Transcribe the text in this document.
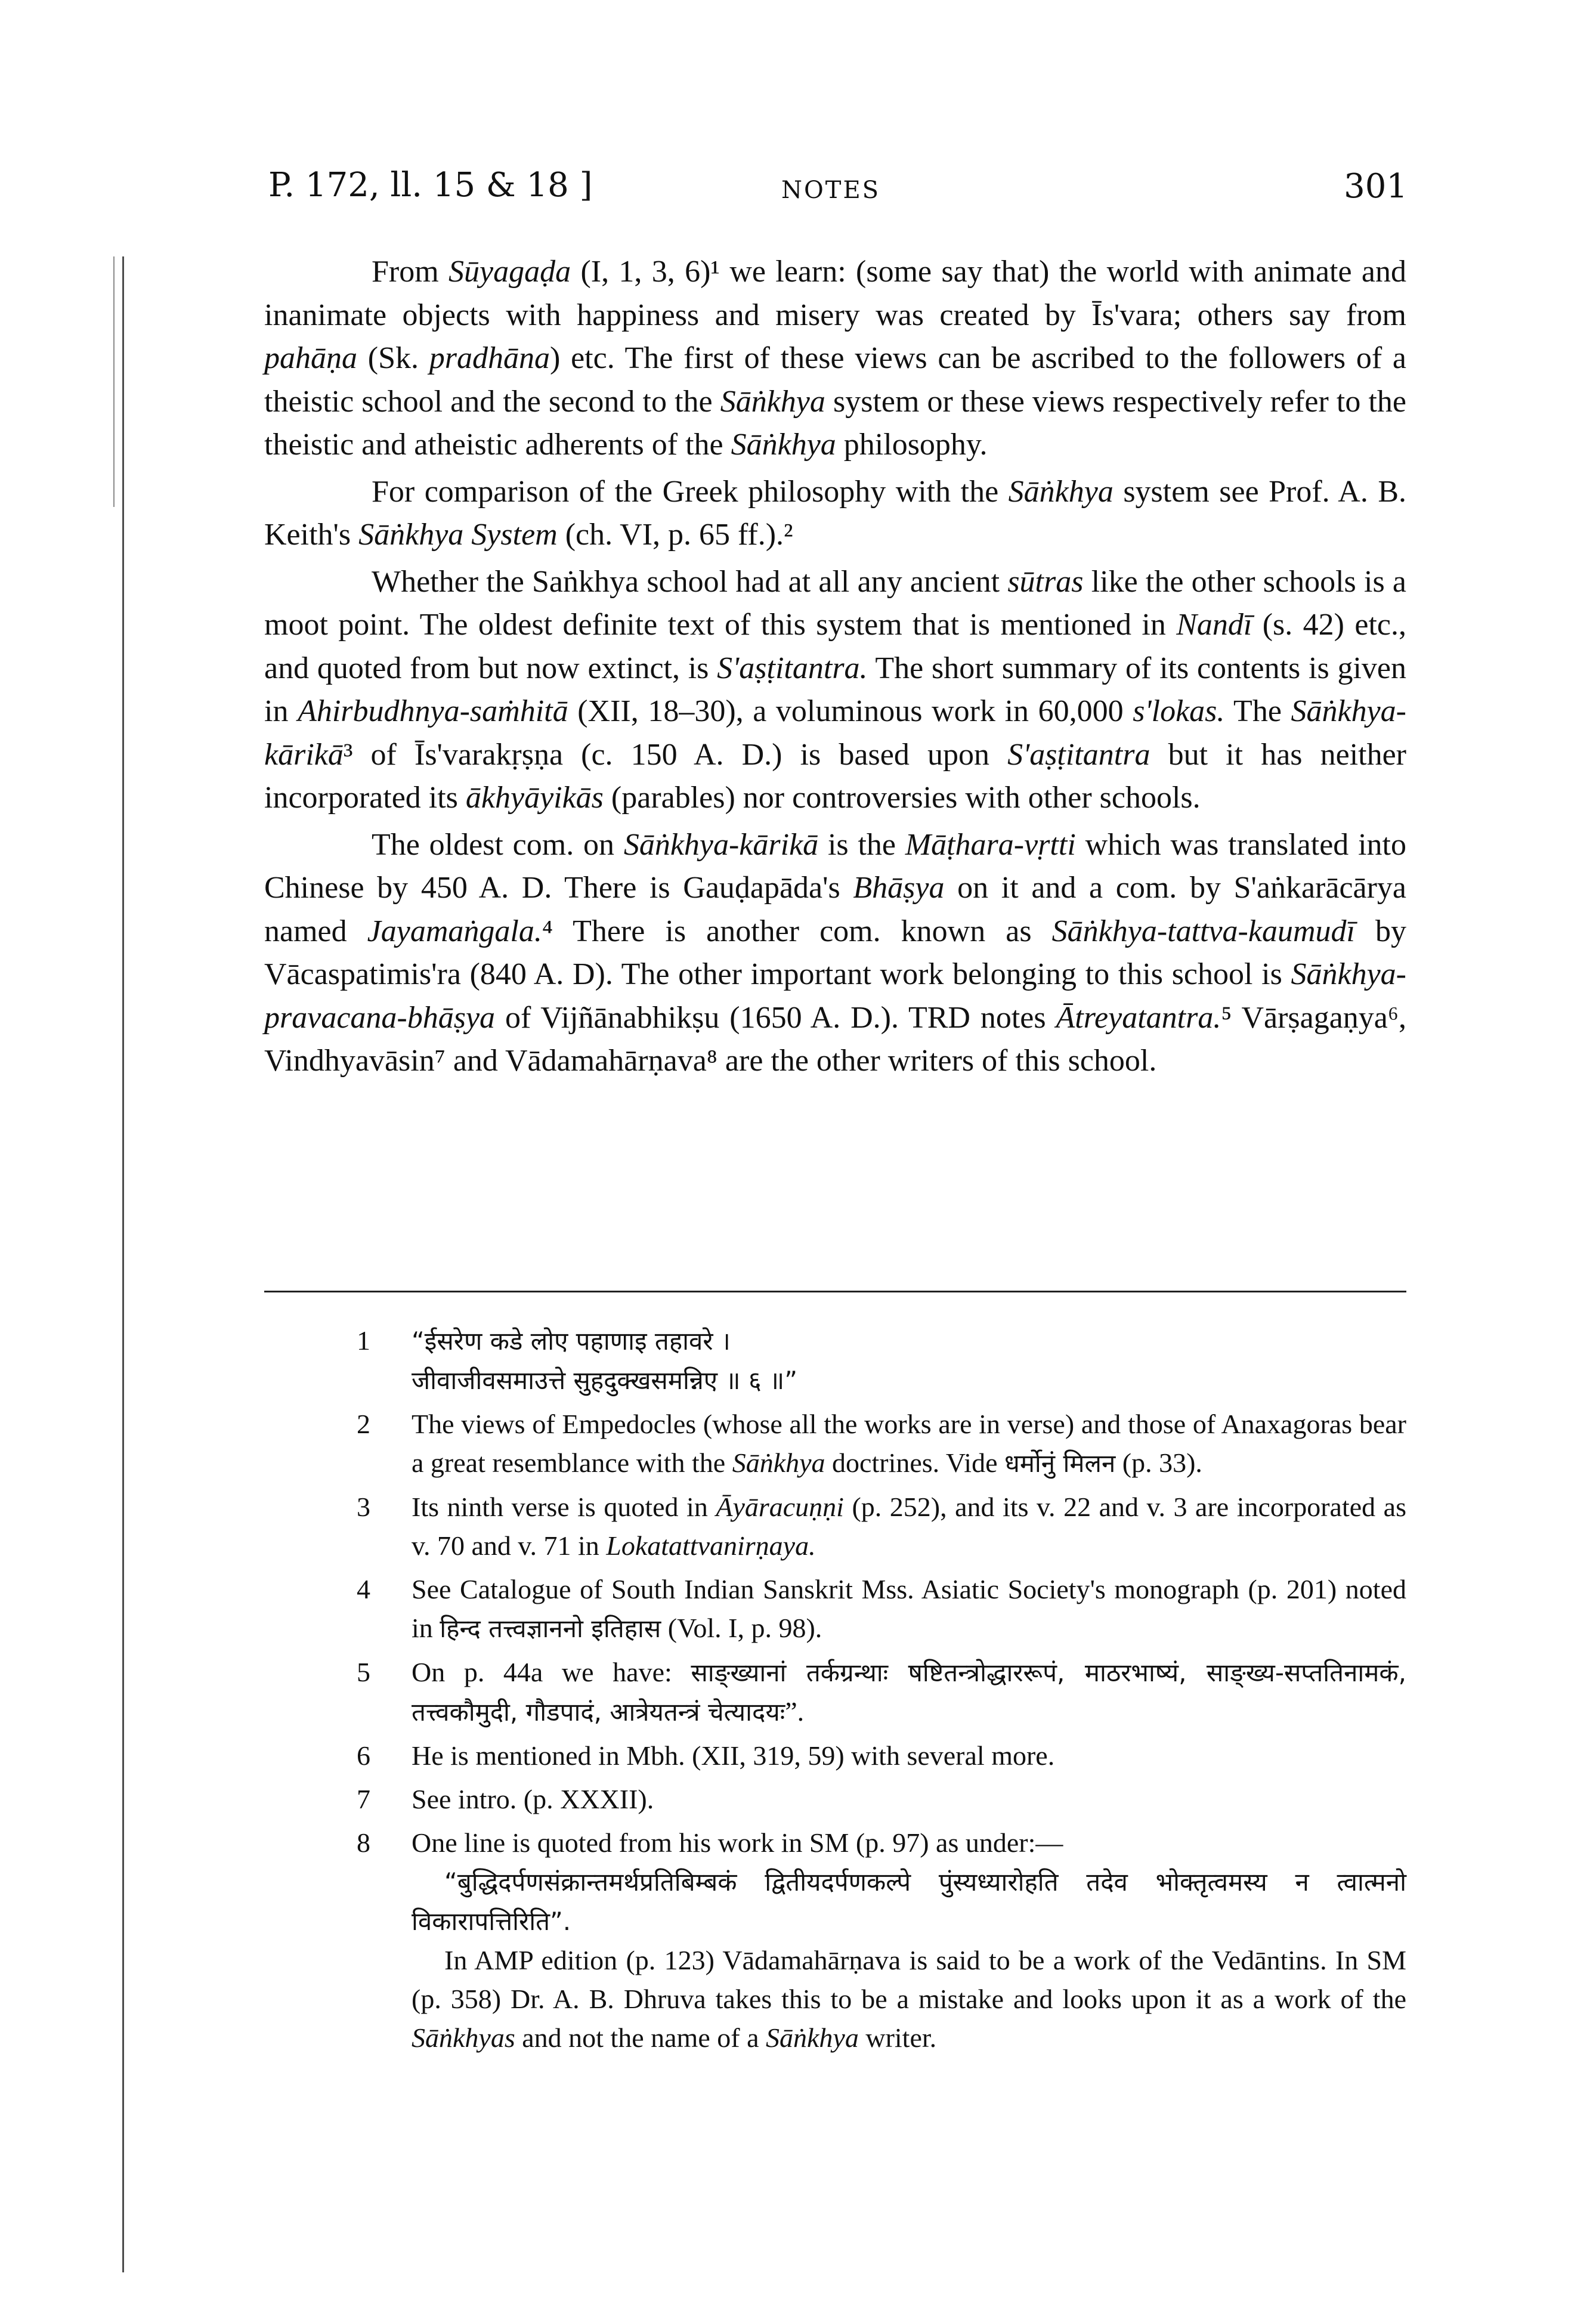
P. 172, ll. 15 & 18 ]	NOTES	301

From Sūyagaḍa (I, 1, 3, 6)¹ we learn: (some say that) the world with animate and inanimate objects with happiness and misery was created by Īs'vara; others say from pahāṇa (Sk. pradhāna) etc. The first of these views can be ascribed to the followers of a theistic school and the second to the Sāṅkhya system or these views respectively refer to the theistic and atheistic adherents of the Sāṅkhya philosophy.

For comparison of the Greek philosophy with the Sāṅkhya system see Prof. A. B. Keith's Sāṅkhya System (ch. VI, p. 65 ff.).²

Whether the Saṅkhya school had at all any ancient sūtras like the other schools is a moot point. The oldest definite text of this system that is mentioned in Nandī (s. 42) etc., and quoted from but now extinct, is S'aṣṭitantra. The short summary of its contents is given in Ahirbudhnya-saṁhitā (XII, 18–30), a voluminous work in 60,000 s'lokas. The Sāṅkhya-kārikā³ of Īs'varakṛṣṇa (c. 150 A. D.) is based upon S'aṣṭitantra but it has neither incorporated its ākhyāyikās (parables) nor controversies with other schools.

The oldest com. on Sāṅkhya-kārikā is the Māṭhara-vṛtti which was translated into Chinese by 450 A. D. There is Gauḍapāda's Bhāṣya on it and a com. by S'aṅkarācārya named Jayamaṅgala.⁴ There is another com. known as Sāṅkhya-tattva-kaumudī by Vācaspatimis'ra (840 A. D). The other important work belonging to this school is Sāṅkhya-pravacana-bhāṣya of Vijñānabhikṣu (1650 A. D.). TRD notes Ātreyatantra.⁵ Vārṣagaṇya⁶, Vindhyavāsin⁷ and Vādamahārṇava⁸ are the other writers of this school.

1	“ईसरेण कडे लोए पहाणाइ तहावरे ।
जीवाजीवसमाउत्ते सुहदुक्खसमन्निए ॥ ६ ॥”
2	The views of Empedocles (whose all the works are in verse) and those of Anaxagoras bear a great resemblance with the Sāṅkhya doctrines. Vide धर्मोनुं मिलन (p. 33).
3	Its ninth verse is quoted in Āyāracuṇṇi (p. 252), and its v. 22 and v. 3 are incorporated as v. 70 and v. 71 in Lokatattvanirṇaya.
4	See Catalogue of South Indian Sanskrit Mss. Asiatic Society's monograph (p. 201) noted in हिन्द तत्त्वज्ञाननो इतिहास (Vol. I, p. 98).
5	On p. 44a we have: साङ्ख्यानां तर्कग्रन्थाः षष्टितन्त्रोद्धाररूपं, माठरभाष्यं, साङ्ख्य-सप्ततिनामकं, तत्त्वकौमुदी, गौडपादं, आत्रेयतन्त्रं चेत्यादयः”.
6	He is mentioned in Mbh. (XII, 319, 59) with several more.
7	See intro. (p. XXXII).
8	One line is quoted from his work in SM (p. 97) as under:—
“बुद्धिदर्पणसंक्रान्तमर्थप्रतिबिम्बकं द्वितीयदर्पणकल्पे पुंस्यध्यारोहति तदेव भोक्तृत्वमस्य न त्वात्मनो विकारापत्तिरिति”.
In AMP edition (p. 123) Vādamahārṇava is said to be a work of the Vedāntins. In SM (p. 358) Dr. A. B. Dhruva takes this to be a mistake and looks upon it as a work of the Sāṅkhyas and not the name of a Sāṅkhya writer.
